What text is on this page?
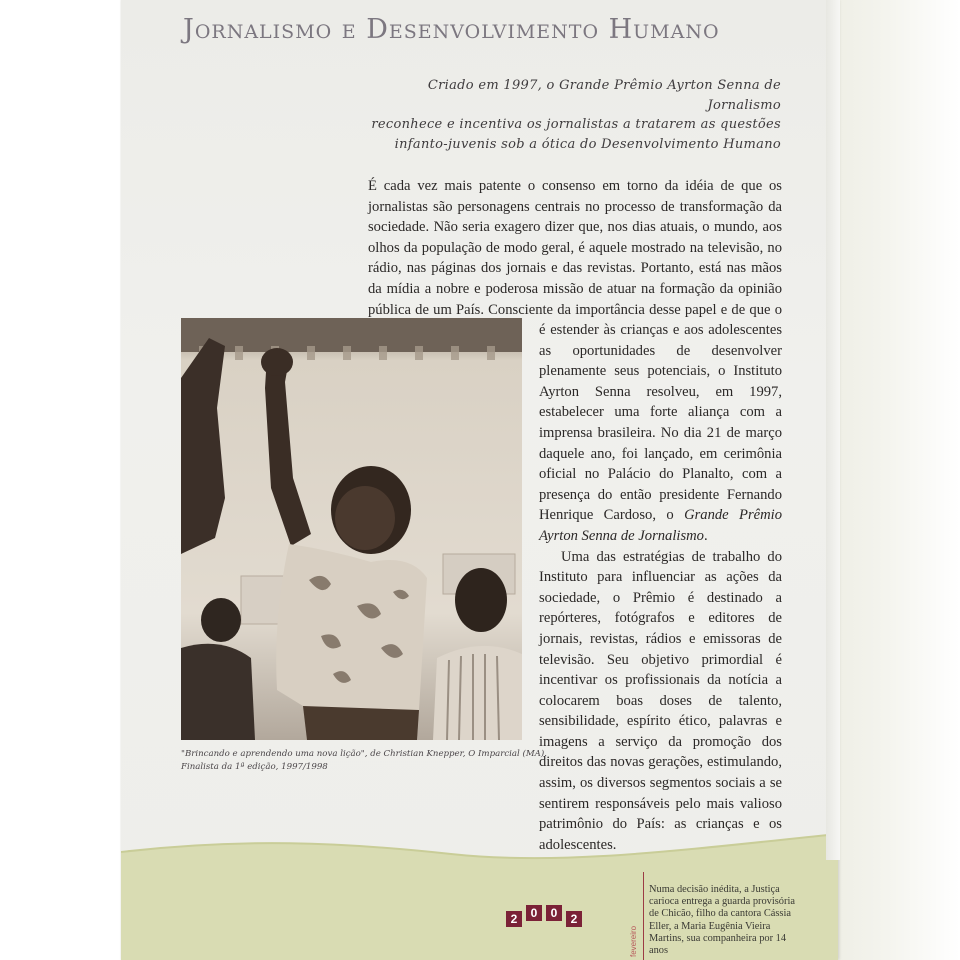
Jornalismo e Desenvolvimento Humano
Criado em 1997, o Grande Prêmio Ayrton Senna de Jornalismo
reconhece e incentiva os jornalistas a tratarem as questões
infanto-juvenis sob a ótica do Desenvolvimento Humano

É cada vez mais patente o consenso em torno da idéia de que os jornalistas são personagens centrais no processo de transformação da sociedade. Não seria exagero dizer que, nos dias atuais, o mundo, aos olhos da população de modo geral, é aquele mostrado na televisão, no rádio, nas páginas dos jornais e das revistas. Portanto, está nas mãos da mídia a nobre e poderosa missão de atuar na formação da opinião pública de um País. Consciente da importância desse papel e de que o

"Brincando e aprendendo uma nova lição", de Christian Knepper, O Imparcial (MA).
Finalista da 1ª edição, 1997/1998

é estender às crianças e aos adolescentes as oportunidades de desenvolver plenamente seus potenciais, o Instituto Ayrton Senna resolveu, em 1997, estabelecer uma forte aliança com a imprensa brasileira. No dia 21 de março daquele ano, foi lançado, em cerimônia oficial no Palácio do Planalto, com a presença do então presidente Fernando Henrique Cardoso, o Grande Prêmio Ayrton Senna de Jornalismo.

Uma das estratégias de trabalho do Instituto para influenciar as ações da sociedade, o Prêmio é destinado a repórteres, fotógrafos e editores de jornais, revistas, rádios e emissoras de televisão. Seu objetivo primordial é incentivar os profissionais da notícia a colocarem boas doses de talento, sensibilidade, espírito ético, palavras e imagens a serviço da promoção dos direitos das novas gerações, estimulando, assim, os diversos segmentos sociais a se sentirem responsáveis pelo mais valioso patrimônio do País: as crianças e os adolescentes.

2	0	0	2
fevereiro
Numa decisão inédita, a Justiça carioca entrega a guarda provisória de Chicão, filho da cantora Cássia Eller, a Maria Eugênia Vieira Martins, sua companheira por 14 anos
